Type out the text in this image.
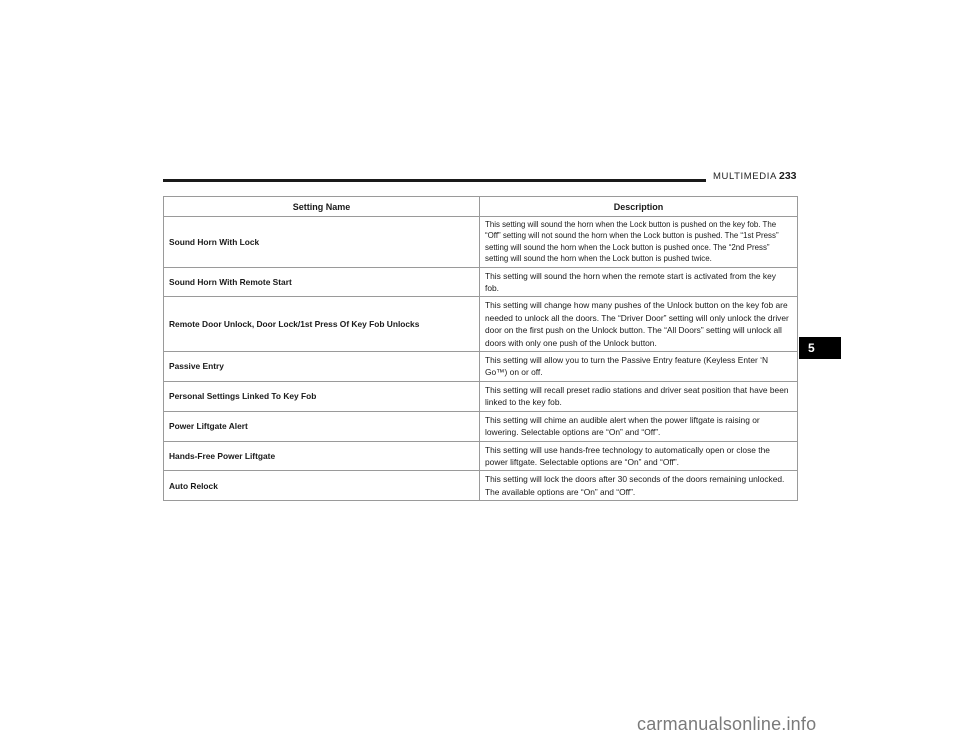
MULTIMEDIA 233
5
Setting Name	Description
Sound Horn With Lock	This setting will sound the horn when the Lock button is pushed on the key fob. The “Off” setting will not sound the horn when the Lock button is pushed. The “1st Press” setting will sound the horn when the Lock button is pushed once. The “2nd Press” setting will sound the horn when the Lock button is pushed twice.
Sound Horn With Remote Start	This setting will sound the horn when the remote start is activated from the key fob.
Remote Door Unlock, Door Lock/1st Press Of Key Fob Unlocks	This setting will change how many pushes of the Unlock button on the key fob are needed to unlock all the doors. The “Driver Door” setting will only unlock the driver door on the first push on the Unlock button. The “All Doors” setting will unlock all doors with only one push of the Unlock button.
Passive Entry	This setting will allow you to turn the Passive Entry feature (Keyless Enter ‘N Go™) on or off.
Personal Settings Linked To Key Fob	This setting will recall preset radio stations and driver seat position that have been linked to the key fob.
Power Liftgate Alert	This setting will chime an audible alert when the power liftgate is raising or lowering. Selectable options are “On” and “Off”.
Hands-Free Power Liftgate	This setting will use hands-free technology to automatically open or close the power liftgate. Selectable options are “On” and “Off”.
Auto Relock	This setting will lock the doors after 30 seconds of the doors remaining unlocked. The available options are “On” and “Off”.
carmanualsonline.info
